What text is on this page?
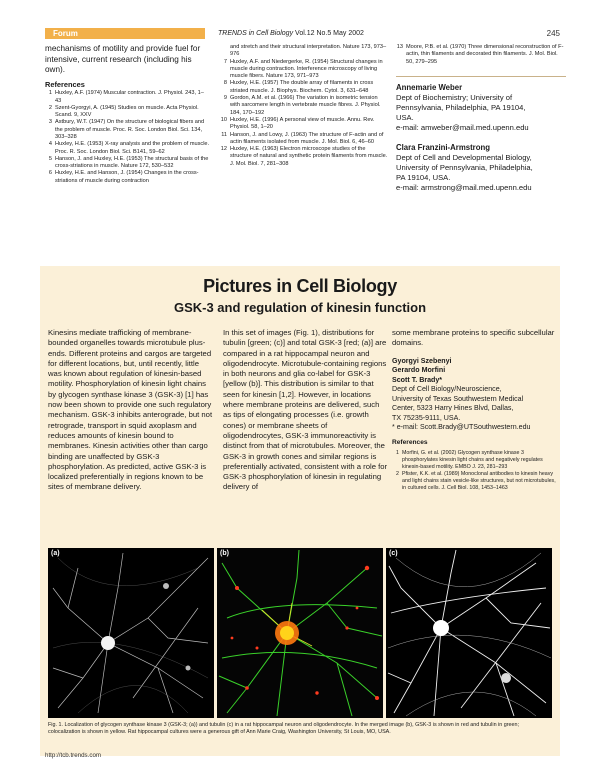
Forum	TRENDS in Cell Biology Vol.12 No.5 May 2002	245

mechanisms of motility and provide fuel for intensive, current research (including his own).

References
1 Huxley, A.F. (1974) Muscular contraction. J. Physiol. 243, 1–43
2 Szent-Gyorgyi, A. (1945) Studies on muscle. Acta Physiol. Scand. 9, XXV
3 Astbury, W.T. (1947) On the structure of biological fibers and the problem of muscle. Proc. R. Soc. London Biol. Sci. 134, 303–328
4 Huxley, H.E. (1953) X-ray analysis and the problem of muscle. Proc. R. Soc. London Biol. Sci. B141, 59–62
5 Hanson, J. and Huxley, H.E. (1953) The structural basis of the cross-striations in muscle. Nature 172, 530–532
6 Huxley, H.E. and Hanson, J. (1954) Changes in the cross-striations of muscle during contraction
and stretch and their structural interpretation. Nature 173, 973–976
7 Huxley, A.F. and Niedergerke, R. (1954) Structural changes in muscle during contraction. Interference microscopy of living muscle fibers. Nature 173, 971–973
8 Huxley, H.E. (1957) The double array of filaments in cross striated muscle. J. Biophys. Biochem. Cytol. 3, 631–648
9 Gordon, A.M. et al. (1966) The variation in isometric tension with sarcomere length in vertebrate muscle fibres. J. Physiol. 184, 170–192
10 Huxley, H.E. (1996) A personal view of muscle. Annu. Rev. Physiol. 58, 1–20
11 Hanson, J. and Lowy, J. (1963) The structure of F-actin and of actin filaments isolated from muscle. J. Mol. Biol. 6, 46–60
12 Huxley, H.E. (1963) Electron microscope studies of the structure of natural and synthetic protein filaments from muscle. J. Mol. Biol. 7, 281–308
13 Moore, P.B. et al. (1970) Three dimensional reconstruction of F-actin, thin filaments and decorated thin filaments. J. Mol. Biol. 50, 279–295
Annemarie Weber
Dept of Biochemistry; University of
Pennsylvania, Philadelphia, PA 19104,
USA.
e-mail: amweber@mail.med.upenn.edu
Clara Franzini-Armstrong
Dept of Cell and Developmental Biology,
University of Pennsylvania, Philadelphia,
PA 19104, USA.
e-mail: armstrong@mail.med.upenn.edu
Pictures in Cell Biology
GSK-3 and regulation of kinesin function
Kinesins mediate trafficking of membrane-bounded organelles towards microtubule plus-ends. Different proteins and cargos are targeted for different locations, but, until recently, little was known about regulation of kinesin-based motility. Phosphorylation of kinesin light chains by glycogen synthase kinase 3 (GSK-3) [1] has now been shown to provide one such regulatory mechanism. GSK-3 inhibits anterograde, but not retrograde, transport in squid axoplasm and reduces amounts of kinesin bound to membranes. Kinesin activities other than cargo binding are unaffected by GSK-3 phosphorylation. As predicted, active GSK-3 is localized preferentially in regions known to be sites of membrane delivery.
In this set of images (Fig. 1), distributions for tubulin [green; (c)] and total GSK-3 [red; (a)] are compared in a rat hippocampal neuron and oligodendrocyte. Microtubule-containing regions in both neurons and glia co-label for GSK-3 [yellow (b)]. This distribution is similar to that seen for kinesin [1,2]. However, in locations where membrane proteins are delivered, such as tips of elongating processes (i.e. growth cones) or membrane sheets of oligodendrocytes, GSK-3 immunoreactivity is distinct from that of microtubules. Moreover, the GSK-3 in growth cones and similar regions is preferentially activated, consistent with a role for GSK-3 phosphorylation of kinesin in regulating delivery of

some membrane proteins to specific subcellular domains.

Gyorgyi Szebenyi
Gerardo Morfini
Scott T. Brady*
Dept of Cell Biology/Neuroscience,
University of Texas Southwestern Medical
Center, 5323 Harry Hines Blvd, Dallas,
TX 75235-9111, USA.
* e-mail: Scott.Brady@UTSouthwestern.edu
References
1 Morfini, G. et al. (2002) Glycogen synthase kinase 3 phosphorylates kinesin light chains and negatively regulates kinesin-based motility. EMBO J. 23, 281–293
2 Pfister, K.K. et al. (1989) Monoclonal antibodies to kinesin heavy and light chains stain vesicle-like structures, but not microtubules, in cultured cells. J. Cell Biol. 108, 1453–1463
(a)	(b)	(c)
Fig. 1. Localization of glycogen synthase kinase 3 (GSK-3; (a)) and tubulin (c) in a rat hippocampal neuron and oligodendrocyte. In the merged image (b), GSK-3 is shown in red and tubulin in green; colocalization is shown in yellow. Rat hippocampal cultures were a generous gift of Ann Marie Craig, Washington University, St Louis, MO, USA.
http://tcb.trends.com
